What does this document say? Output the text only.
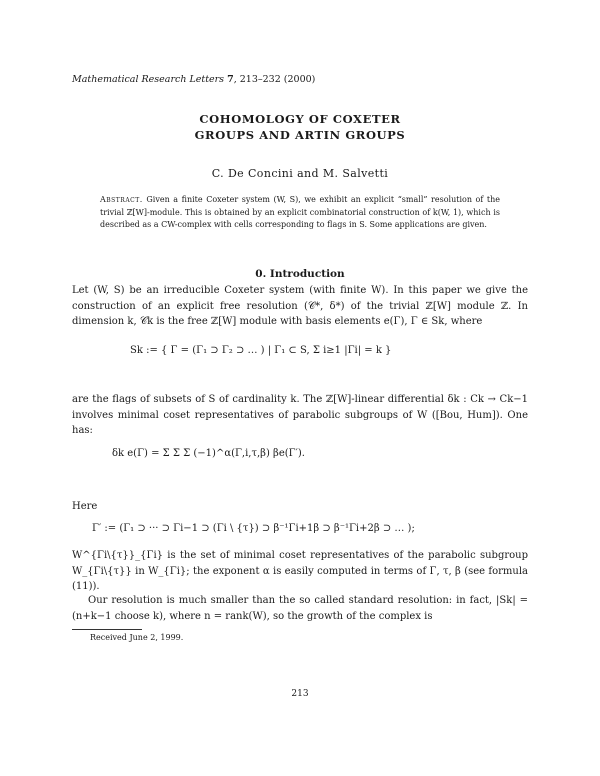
Mathematical Research Letters 7, 213–232 (2000)
COHOMOLOGY OF COXETER
GROUPS AND ARTIN GROUPS
C. De Concini and M. Salvetti
Abstract. Given a finite Coxeter system (W, S), we exhibit an explicit “small” resolution of the trivial ℤ[W]-module. This is obtained by an explicit combinatorial construction of k(W, 1), which is described as a CW-complex with cells corresponding to flags in S. Some applications are given.
0. Introduction
Let (W, S) be an irreducible Coxeter system (with finite W). In this paper we give the construction of an explicit free resolution (𝒞*, δ*) of the trivial ℤ[W] module ℤ. In dimension k, 𝒞k is the free ℤ[W] module with basis elements e(Γ), Γ ∈ Sk, where
Sk := { Γ = (Γ₁ ⊃ Γ₂ ⊃ … ) | Γ₁ ⊂ S, Σ i≥1 |Γi| = k }
are the flags of subsets of S of cardinality k. The ℤ[W]-linear differential δk : Ck → Ck−1 involves minimal coset representatives of parabolic subgroups of W ([Bou, Hum]). One has:
δk e(Γ) = Σ Σ Σ (−1)^α(Γ,i,τ,β) βe(Γ′).
Here
Γ′ := (Γ₁ ⊃ ··· ⊃ Γi−1 ⊃ (Γi \ {τ}) ⊃ β⁻¹Γi+1β ⊃ β⁻¹Γi+2β ⊃ … );
W^{Γi\{τ}}_{Γi} is the set of minimal coset representatives of the parabolic subgroup W_{Γi\{τ}} in W_{Γi}; the exponent α is easily computed in terms of Γ, τ, β (see formula (11)).
Our resolution is much smaller than the so called standard resolution: in fact, |Sk| = (n+k−1 choose k), where n = rank(W), so the growth of the complex is
Received June 2, 1999.
213
